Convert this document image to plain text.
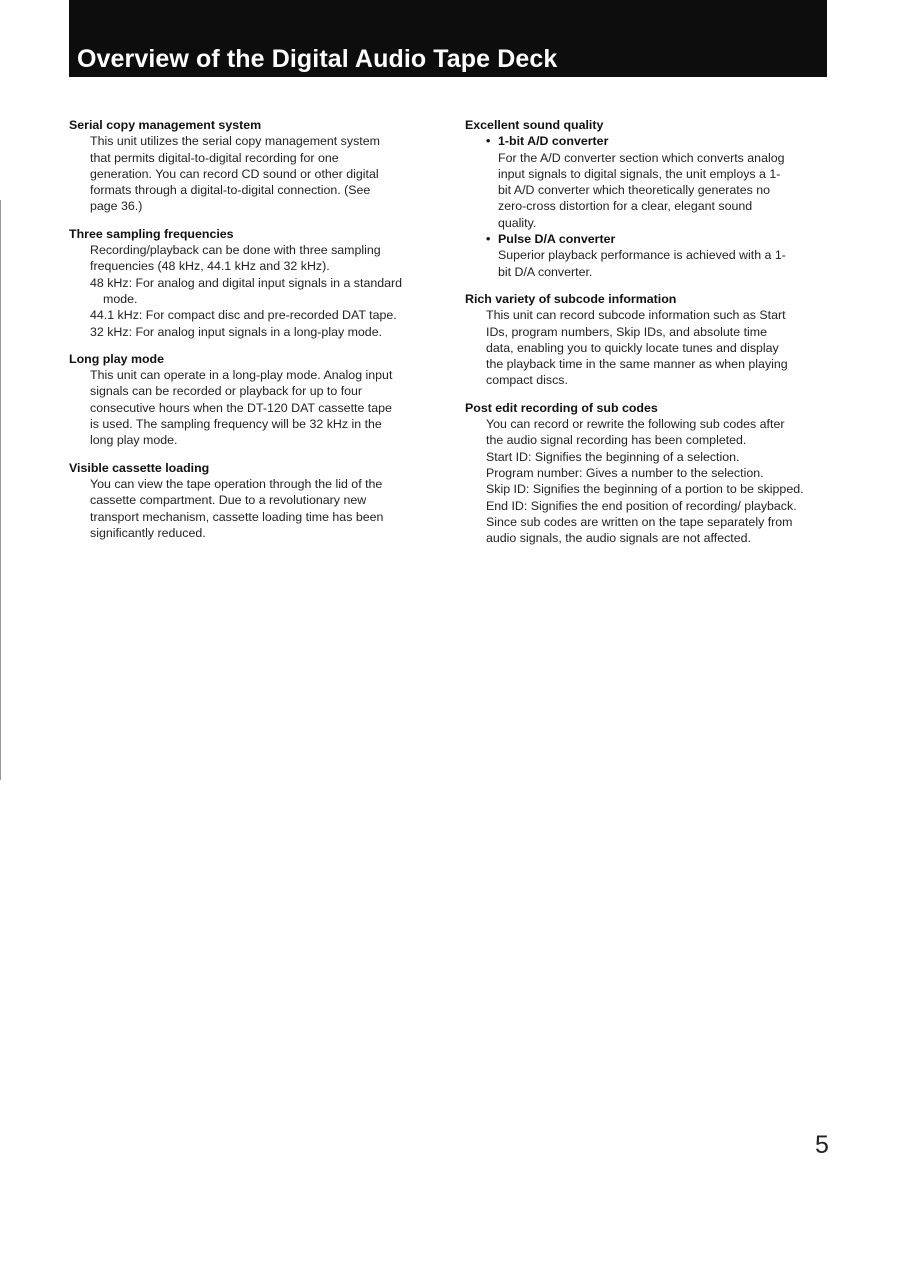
Overview of the Digital Audio Tape Deck

Serial copy management system

This unit utilizes the serial copy management system

that permits digital-to-digital recording for one

generation. You can record CD sound or other digital

formats through a digital-to-digital connection. (See

page 36.)

Three sampling frequencies

Recording/playback can be done with three sampling

frequencies (48 kHz, 44.1 kHz and 32 kHz).

48 kHz: For analog and digital input signals in a standard mode.

44.1 kHz: For compact disc and pre-recorded DAT tape.

32 kHz: For analog input signals in a long-play mode.

Long play mode

This unit can operate in a long-play mode. Analog input

signals can be recorded or playback for up to four

consecutive hours when the DT-120 DAT cassette tape

is used. The sampling frequency will be 32 kHz in the

long play mode.

Visible cassette loading

You can view the tape operation through the lid of the

cassette compartment. Due to a revolutionary new

transport mechanism, cassette loading time has been

significantly reduced.

Excellent sound quality

• 1-bit A/D converter

For the A/D converter section which converts analog

input signals to digital signals, the unit employs a 1-

bit A/D converter which theoretically generates no

zero-cross distortion for a clear, elegant sound

quality.

• Pulse D/A converter

Superior playback performance is achieved with a 1-

bit D/A converter.

Rich variety of subcode information

This unit can record subcode information such as Start

IDs, program numbers, Skip IDs, and absolute time

data, enabling you to quickly locate tunes and display

the playback time in the same manner as when playing

compact discs.

Post edit recording of sub codes

You can record or rewrite the following sub codes after

the audio signal recording has been completed.

Start ID: Signifies the beginning of a selection.

Program number: Gives a number to the selection.

Skip ID: Signifies the beginning of a portion to be skipped.

End ID: Signifies the end position of recording/ playback.

Since sub codes are written on the tape separately from

audio signals, the audio signals are not affected.

5
